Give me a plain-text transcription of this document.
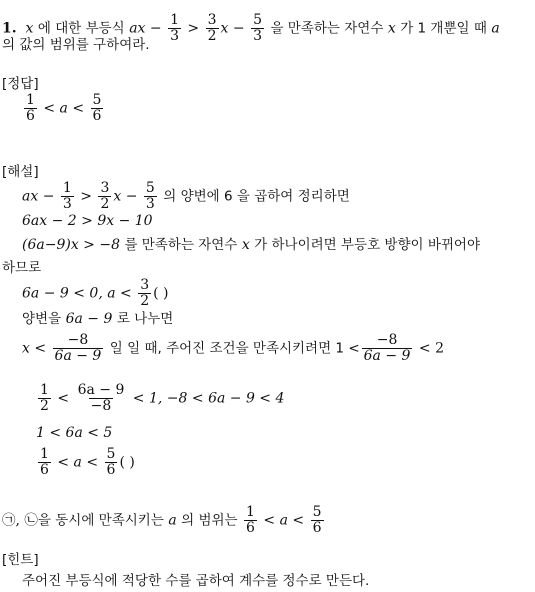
1. x 에 대한 부등식 ax − $\frac{1}{3} > \frac{3}{2}$ $x - \frac{5}{3}$ 을 만족하는 자연수 x 가 1 개뿐일 때 a
의 값의 범위를 구하여라.
[정답]
$\frac{1}{6} < a < \frac{5}{6}$
[해설]
ax − $\frac{1}{3} > \frac{3}{2}$ $x - \frac{5}{3}$ 의 양변에 6 을 곱하여 정리하면
6ax − 2 > 9x − 10
(6a−9)x > −8 를 만족하는 자연수 x 가 하나이려면 부등호 방향이 바뀌어야
하므로
6a − 9 < 0, $a < \frac{3}{2}$ ( )
양변을 6a − 9 로 나누면
$x < \frac{-8}{6a - 9}$ 일 일 때, 주어진 조건을 만족시키려면 $1 < \frac{-8}{6a - 9} < 2$
$\frac{1}{2} < \frac{6a - 9}{-8} < 1$, −8 < 6a − 9 < 4
1 < 6a < 5
$\frac{1}{6} < a < \frac{5}{6}$ ( )
㉠, ㉡을 동시에 만족시키는 a 의 범위는 $\frac{1}{6} < a < \frac{5}{6}$
[힌트]
주어진 부등식에 적당한 수를 곱하여 계수를 정수로 만든다.
